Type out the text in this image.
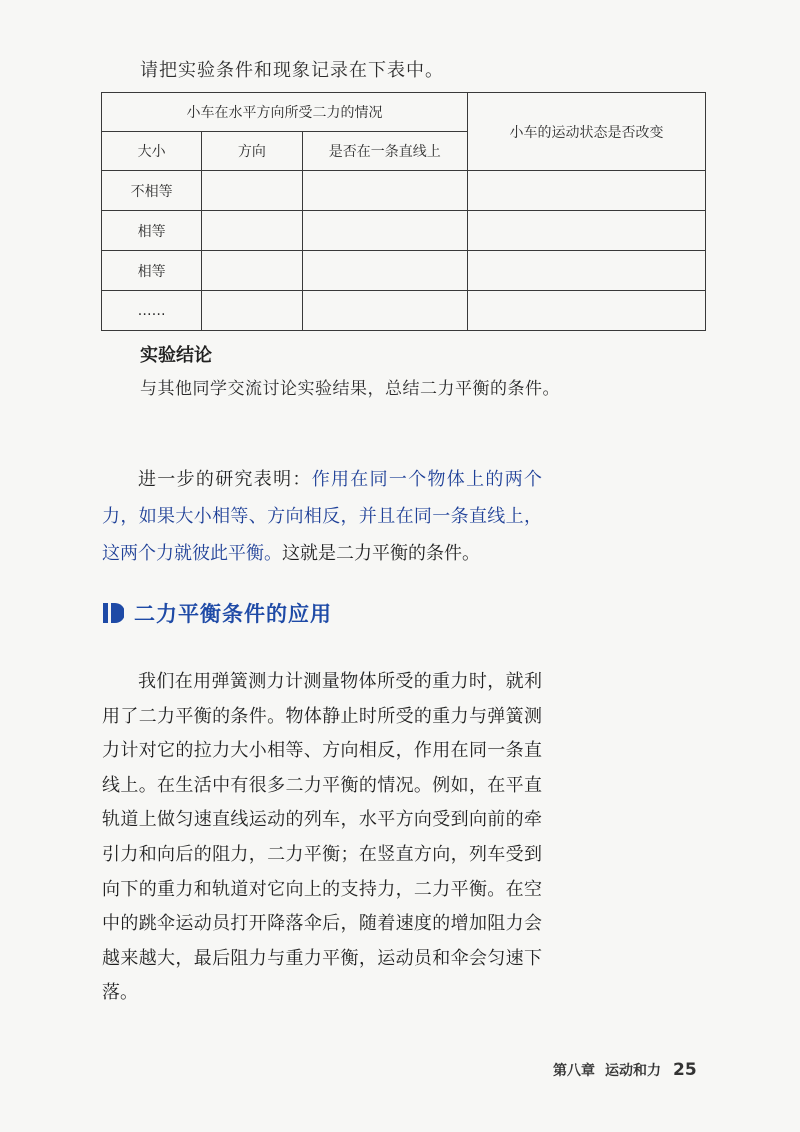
请把实验条件和现象记录在下表中。
小车在水平方向所受二力的情况			小车的运动状态是否改变
大小	方向	是否在一条直线上	
不相等			
相等			
相等			
……			
实验结论
与其他同学交流讨论实验结果，总结二力平衡的条件。

进一步的研究表明：作用在同一个物体上的两个力，如果大小相等、方向相反，并且在同一条直线上，这两个力就彼此平衡。这就是二力平衡的条件。

二力平衡条件的应用

我们在用弹簧测力计测量物体所受的重力时，就利用了二力平衡的条件。物体静止时所受的重力与弹簧测力计对它的拉力大小相等、方向相反，作用在同一条直线上。在生活中有很多二力平衡的情况。例如，在平直轨道上做匀速直线运动的列车，水平方向受到向前的牵引力和向后的阻力，二力平衡；在竖直方向，列车受到向下的重力和轨道对它向上的支持力，二力平衡。在空中的跳伞运动员打开降落伞后，随着速度的增加阻力会越来越大，最后阻力与重力平衡，运动员和伞会匀速下落。

第八章 运动和力 25
